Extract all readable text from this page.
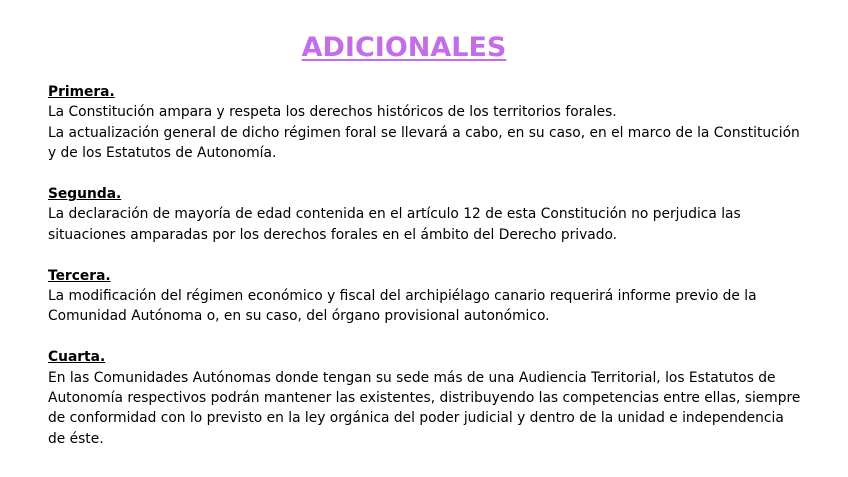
ADICIONALES

Primera.

La Constitución ampara y respeta los derechos históricos de los territorios forales.

La actualización general de dicho régimen foral se llevará a cabo, en su caso, en el marco de la Constitución y de los Estatutos de Autonomía.

Segunda.

La declaración de mayoría de edad contenida en el artículo 12 de esta Constitución no perjudica las situaciones amparadas por los derechos forales en el ámbito del Derecho privado.

Tercera.

La modificación del régimen económico y fiscal del archipiélago canario requerirá informe previo de la Comunidad Autónoma o, en su caso, del órgano provisional autonómico.

Cuarta.

En las Comunidades Autónomas donde tengan su sede más de una Audiencia Territorial, los Estatutos de Autonomía respectivos podrán mantener las existentes, distribuyendo las competencias entre ellas, siempre de conformidad con lo previsto en la ley orgánica del poder judicial y dentro de la unidad e independencia de éste.
